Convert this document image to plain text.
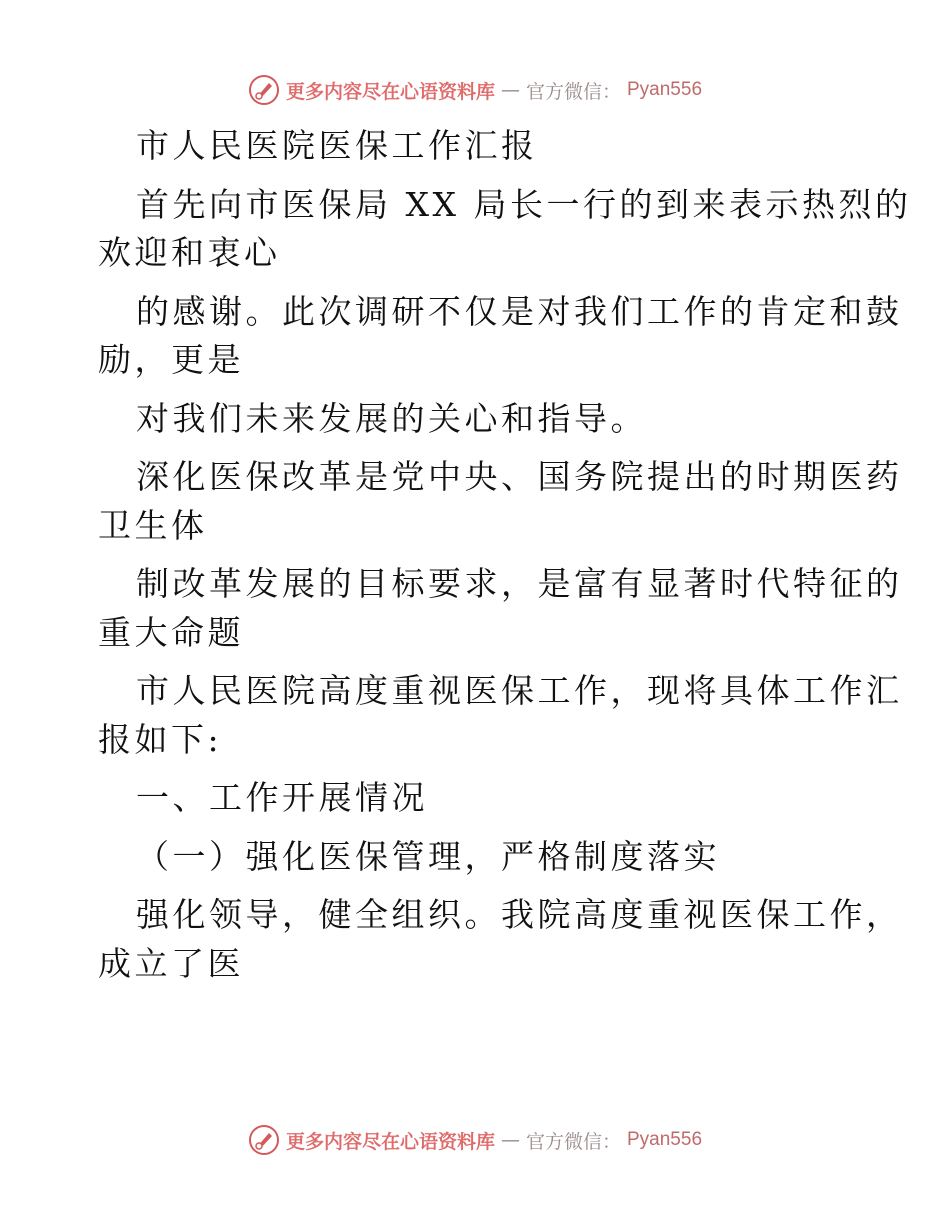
更多内容尽在心语资料库 — 官方微信： Pyan556
市人民医院医保工作汇报
首先向市医保局 XX 局长一行的到来表示热烈的
欢迎和衷心
的感谢。此次调研不仅是对我们工作的肯定和鼓
励，更是
对我们未来发展的关心和指导。
深化医保改革是党中央、国务院提出的时期医药
卫生体
制改革发展的目标要求，是富有显著时代特征的
重大命题
市人民医院高度重视医保工作，现将具体工作汇
报如下:
一、工作开展情况
（一）强化医保管理，严格制度落实
强化领导，健全组织。我院高度重视医保工作，
成立了医
更多内容尽在心语资料库 — 官方微信： Pyan556
